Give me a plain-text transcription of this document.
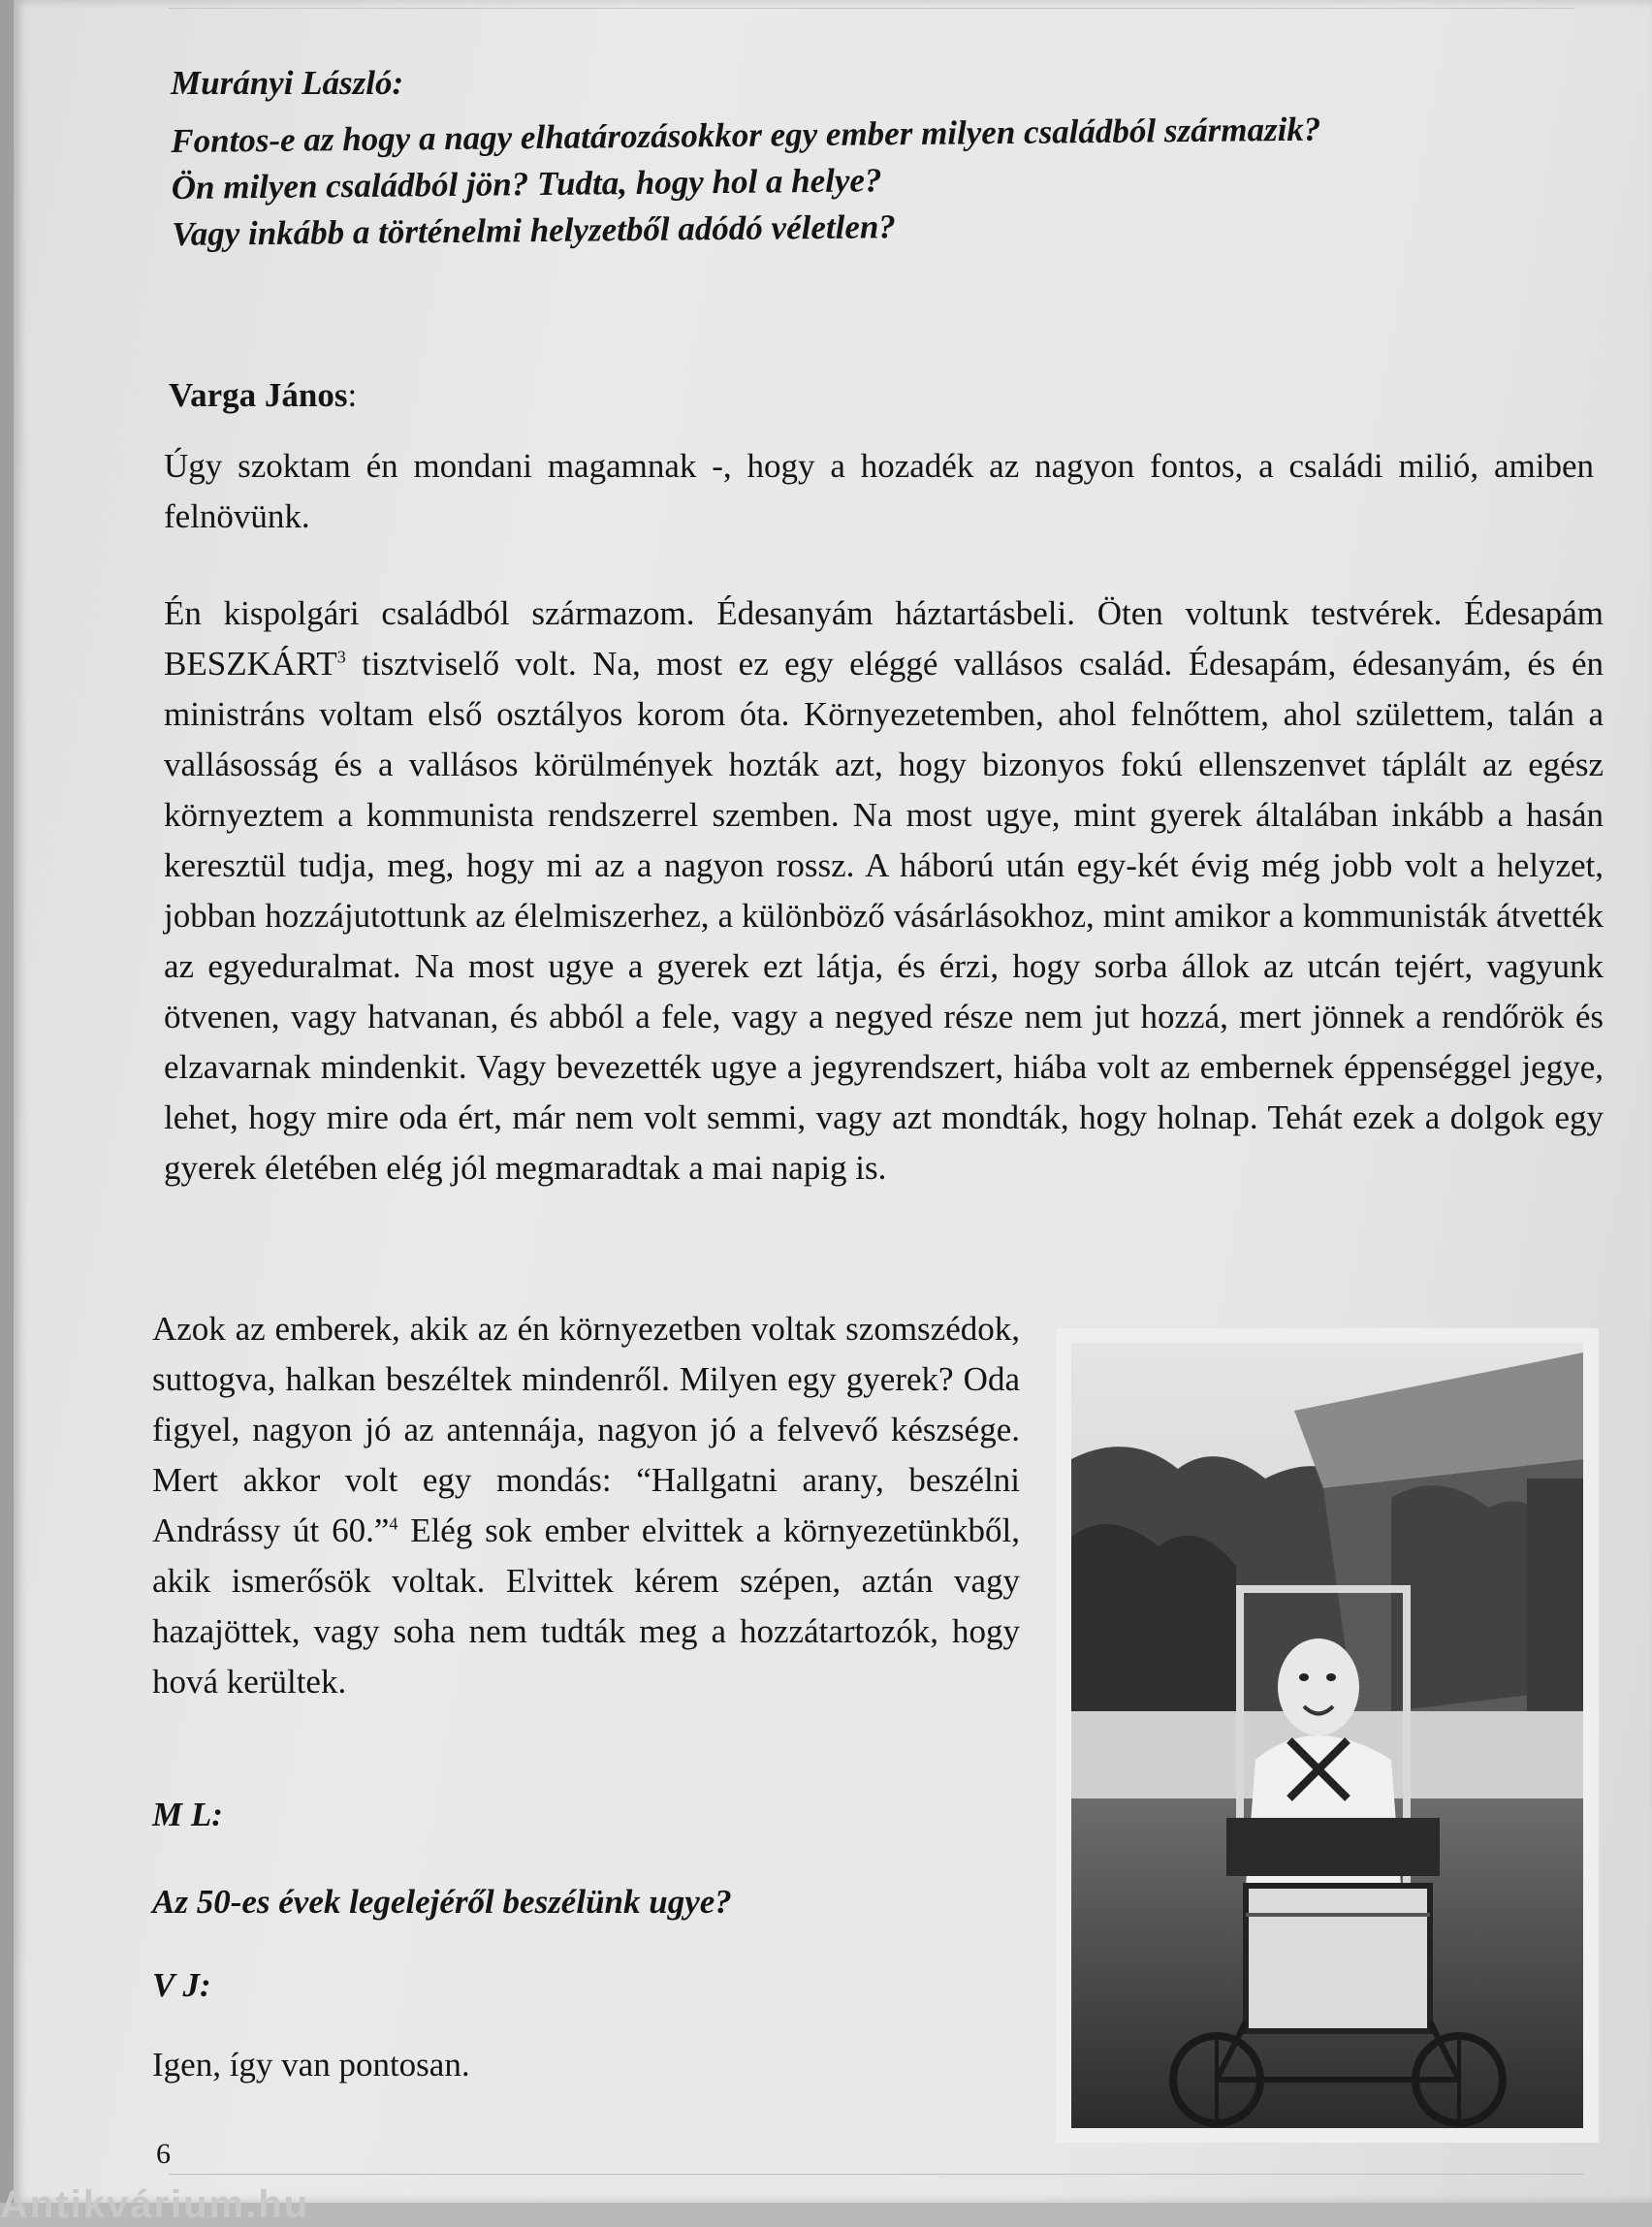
Murányi László:

Fontos-e az hogy a nagy elhatározásokkor egy ember milyen családból származik?
Ön milyen családból jön? Tudta, hogy hol a helye?
Vagy inkább a történelmi helyzetből adódó véletlen?

Varga János:

Úgy szoktam én mondani magamnak -, hogy a hozadék az nagyon fontos, a családi milió, amiben felnövünk.

Én kispolgári családból származom. Édesanyám háztartásbeli. Öten voltunk testvérek. Édesapám BESZKÁRT$^3$ tisztviselő volt. Na, most ez egy eléggé vallásos család. Édesapám, édesanyám, és én ministráns voltam első osztályos korom óta. Környezetemben, ahol felnőttem, ahol születtem, talán a vallásosság és a vallásos körülmények hozták azt, hogy bizonyos fokú ellenszenvet táplált az egész környeztem a kommunista rendszerrel szemben. Na most ugye, mint gyerek általában inkább a hasán keresztül tudja, meg, hogy mi az a nagyon rossz. A háború után egy-két évig még jobb volt a helyzet, jobban hozzájutottunk az élelmiszerhez, a különböző vásárlásokhoz, mint amikor a kommunisták átvették az egyeduralmat. Na most ugye a gyerek ezt látja, és érzi, hogy sorba állok az utcán tejért, vagyunk ötvenen, vagy hatvanan, és abból a fele, vagy a negyed része nem jut hozzá, mert jönnek a rendőrök és elzavarnak mindenkit. Vagy bevezették ugye a jegyrendszert, hiába volt az embernek éppenséggel jegye, lehet, hogy mire oda ért, már nem volt semmi, vagy azt mondták, hogy holnap. Tehát ezek a dolgok egy gyerek életében elég jól megmaradtak a mai napig is.

Azok az emberek, akik az én környezetben voltak szomszédok, suttogva, halkan beszéltek mindenről. Milyen egy gyerek? Oda figyel, nagyon jó az antennája, nagyon jó a felvevő készsége. Mert akkor volt egy mondás: “Hallgatni arany, beszélni Andrássy út 60.”$^4$ Elég sok ember elvittek a környezetünkből, akik ismerősök voltak. Elvittek kérem szépen, aztán vagy hazajöttek, vagy soha nem tudták meg a hozzátartozók, hogy hová kerültek.

M L:

Az 50-es évek legelejéről beszélünk ugye?

V J:

Igen, így van pontosan.

6

Antikvárium.hu
